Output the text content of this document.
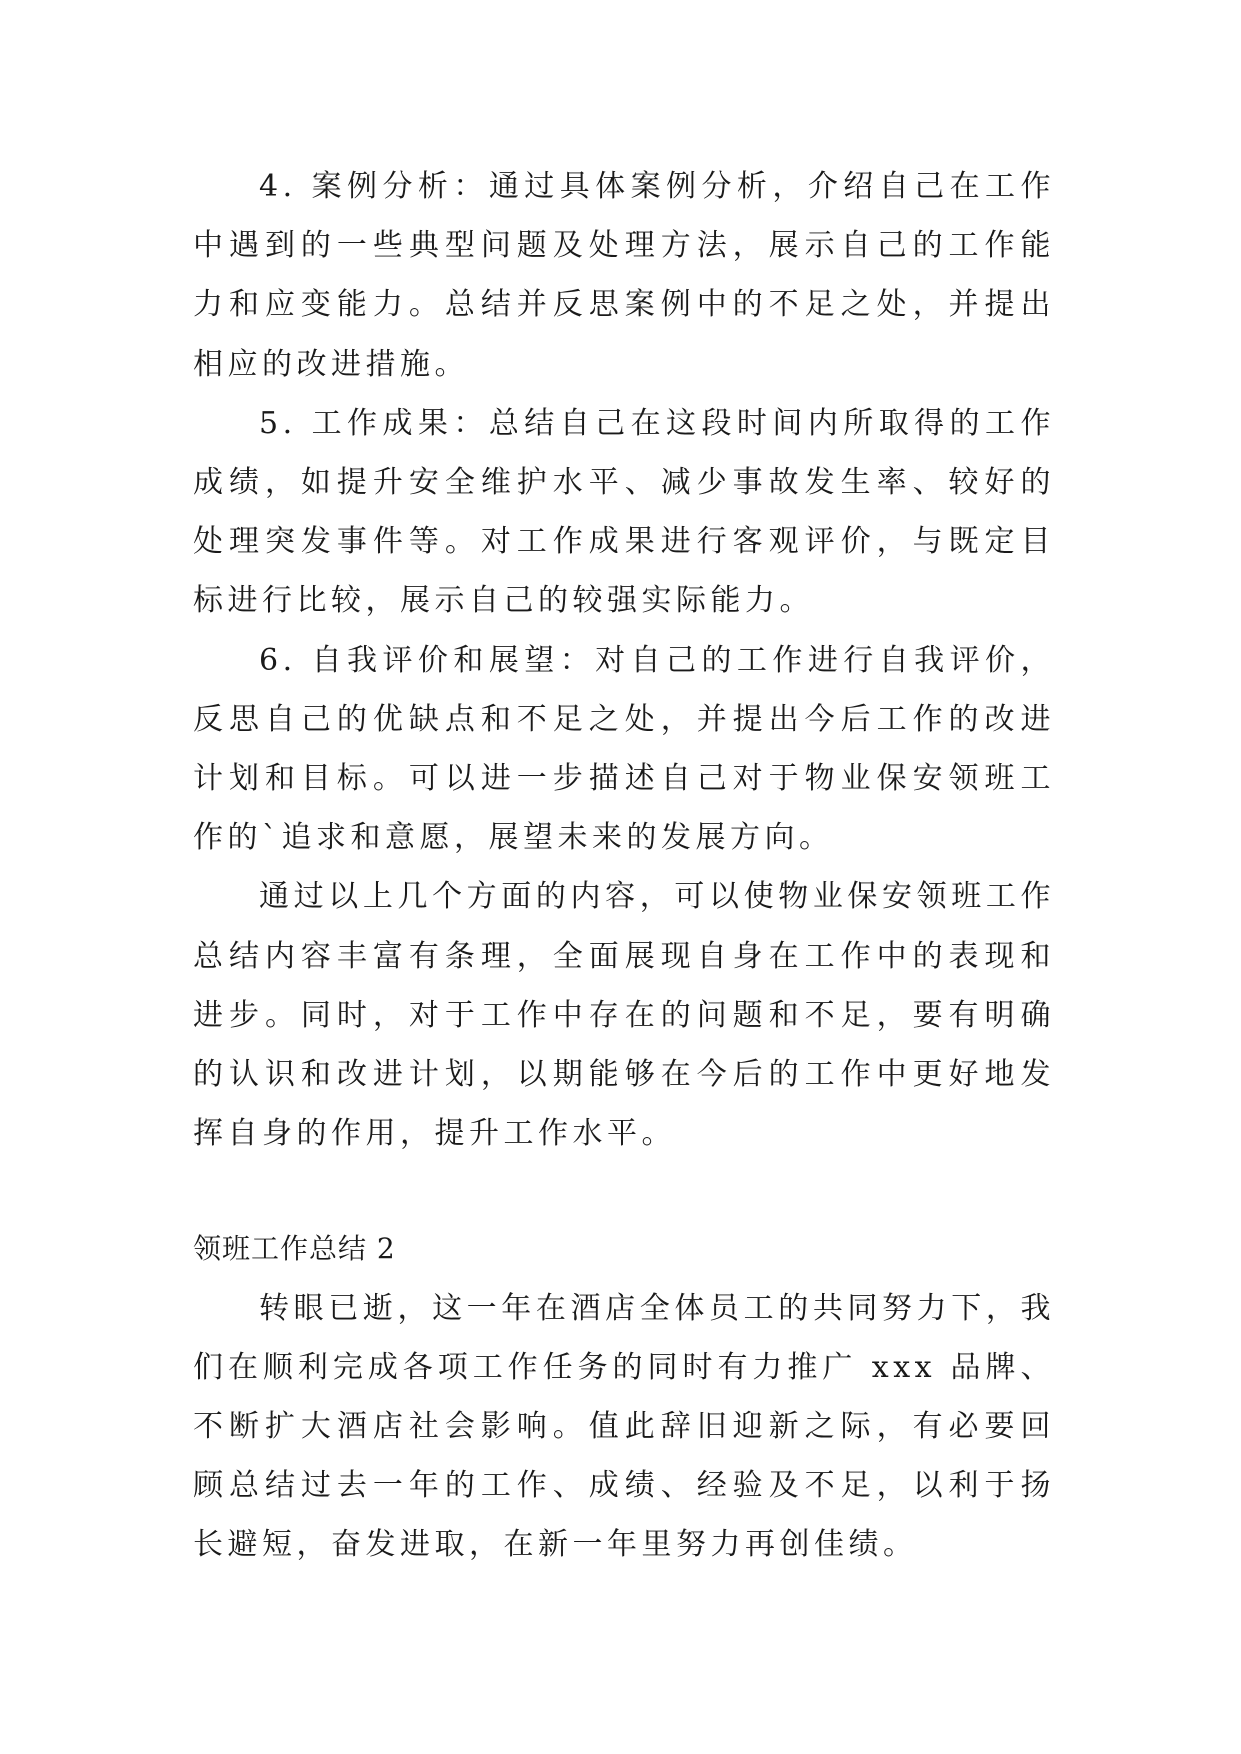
4. 案例分析：通过具体案例分析，介绍自己在工作中遇到的一些典型问题及处理方法，展示自己的工作能力和应变能力。总结并反思案例中的不足之处，并提出相应的改进措施。

5. 工作成果：总结自己在这段时间内所取得的工作成绩，如提升安全维护水平、减少事故发生率、较好的处理突发事件等。对工作成果进行客观评价，与既定目标进行比较，展示自己的较强实际能力。

6. 自我评价和展望：对自己的工作进行自我评价，反思自己的优缺点和不足之处，并提出今后工作的改进计划和目标。可以进一步描述自己对于物业保安领班工作的`追求和意愿，展望未来的发展方向。

通过以上几个方面的内容，可以使物业保安领班工作总结内容丰富有条理，全面展现自身在工作中的表现和进步。同时，对于工作中存在的问题和不足，要有明确的认识和改进计划，以期能够在今后的工作中更好地发挥自身的作用，提升工作水平。

领班工作总结 2

转眼已逝，这一年在酒店全体员工的共同努力下，我们在顺利完成各项工作任务的同时有力推广 xxx 品牌、不断扩大酒店社会影响。值此辞旧迎新之际，有必要回顾总结过去一年的工作、成绩、经验及不足，以利于扬长避短，奋发进取，在新一年里努力再创佳绩。
